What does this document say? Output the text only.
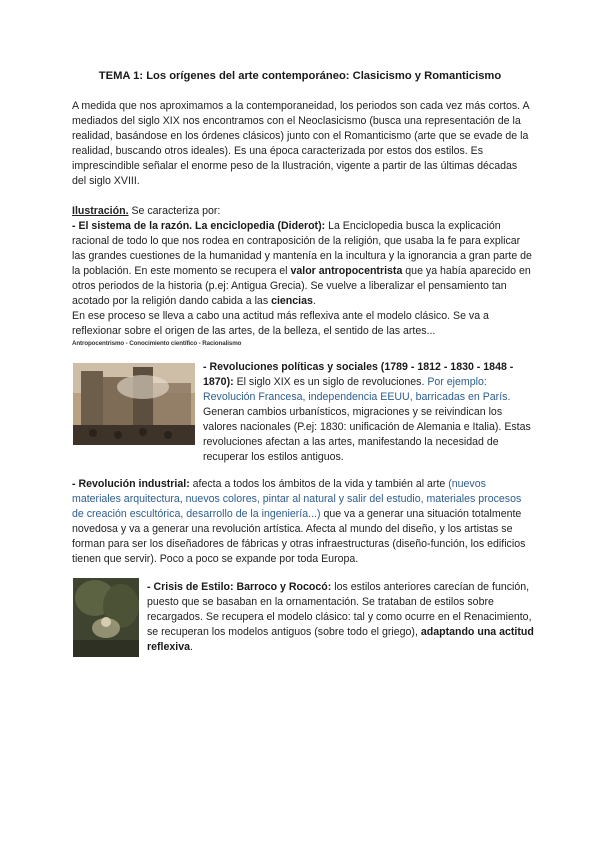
TEMA 1: Los orígenes del arte contemporáneo: Clasicismo y Romanticismo
A medida que nos aproximamos a la contemporaneidad, los periodos son cada vez más cortos. A mediados del siglo XIX nos encontramos con el Neoclasicismo (busca una representación de la realidad, basándose en los órdenes clásicos) junto con el Romanticismo (arte que se evade de la realidad, buscando otros ideales). Es una época caracterizada por estos dos estilos. Es imprescindible señalar el enorme peso de la Ilustración, vigente a partir de las últimas décadas del siglo XVIII.
Ilustración. Se caracteriza por:
- El sistema de la razón. La enciclopedia (Diderot): La Enciclopedia busca la explicación racional de todo lo que nos rodea en contraposición de la religión, que usaba la fe para explicar las grandes cuestiones de la humanidad y mantenía en la incultura y la ignorancia a gran parte de la población. En este momento se recupera el valor antropocentrista que ya había aparecido en otros periodos de la historia (p.ej: Antigua Grecia). Se vuelve a liberalizar el pensamiento tan acotado por la religión dando cabida a las ciencias.
En ese proceso se lleva a cabo una actitud más reflexiva ante el modelo clásico. Se va a reflexionar sobre el origen de las artes, de la belleza, el sentido de las artes...
Antropocentrismo - Conocimiento científico - Racionalismo
- Revoluciones políticas y sociales (1789 - 1812 - 1830 - 1848 - 1870): El siglo XIX es un siglo de revoluciones. Por ejemplo: Revolución Francesa, independencia EEUU, barricadas en París. Generan cambios urbanísticos, migraciones y se reivindican los valores nacionales (P.ej: 1830: unificación de Alemania e Italia). Estas revoluciones afectan a las artes, manifestando la necesidad de recuperar los estilos antiguos.
- Revolución industrial: afecta a todos los ámbitos de la vida y también al arte (nuevos materiales arquitectura, nuevos colores, pintar al natural y salir del estudio, materiales procesos de creación escultórica, desarrollo de la ingeniería...) que va a generar una situación totalmente novedosa y va a generar una revolución artística. Afecta al mundo del diseño, y los artistas se forman para ser los diseñadores de fábricas y otras infraestructuras (diseño-función, los edificios tienen que servir). Poco a poco se expande por toda Europa.
- Crisis de Estilo: Barroco y Rococó: los estilos anteriores carecían de función, puesto que se basaban en la ornamentación. Se trataban de estilos sobre recargados. Se recupera el modelo clásico: tal y como ocurre en el Renacimiento, se recuperan los modelos antiguos (sobre todo el griego), adaptando una actitud reflexiva.
